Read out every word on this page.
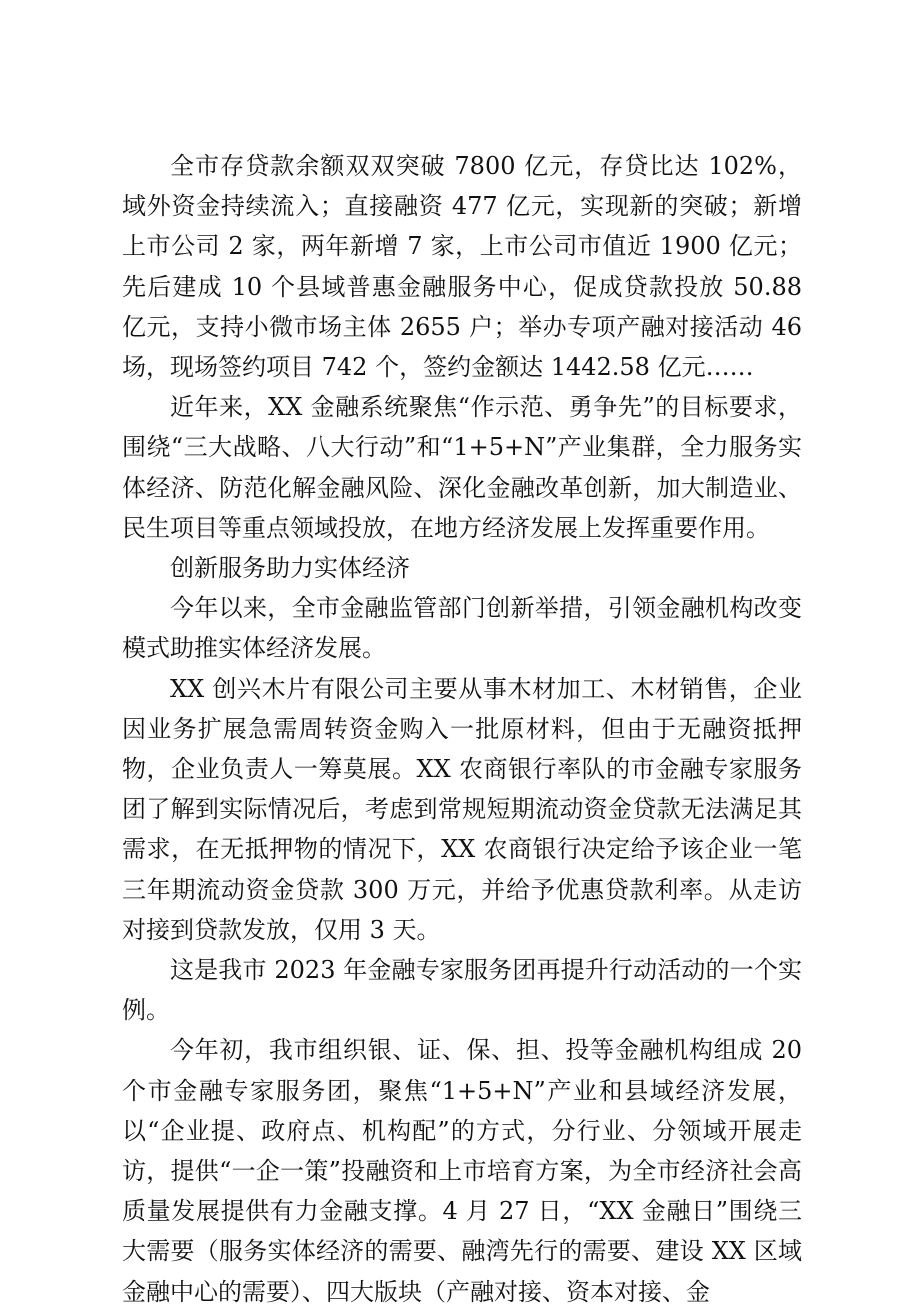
全市存贷款余额双双突破 7800 亿元，存贷比达 102%，域外资金持续流入；直接融资 477 亿元，实现新的突破；新增上市公司 2 家，两年新增 7 家，上市公司市值近 1900 亿元；先后建成 10 个县域普惠金融服务中心，促成贷款投放 50.88 亿元，支持小微市场主体 2655 户；举办专项产融对接活动 46 场，现场签约项目 742 个，签约金额达 1442.58 亿元……

近年来，XX 金融系统聚焦“作示范、勇争先”的目标要求，围绕“三大战略、八大行动”和“1+5+N”产业集群，全力服务实体经济、防范化解金融风险、深化金融改革创新，加大制造业、民生项目等重点领域投放，在地方经济发展上发挥重要作用。

创新服务助力实体经济

今年以来，全市金融监管部门创新举措，引领金融机构改变模式助推实体经济发展。

XX 创兴木片有限公司主要从事木材加工、木材销售，企业因业务扩展急需周转资金购入一批原材料，但由于无融资抵押物，企业负责人一筹莫展。XX 农商银行率队的市金融专家服务团了解到实际情况后，考虑到常规短期流动资金贷款无法满足其需求，在无抵押物的情况下，XX 农商银行决定给予该企业一笔三年期流动资金贷款 300 万元，并给予优惠贷款利率。从走访对接到贷款发放，仅用 3 天。

这是我市 2023 年金融专家服务团再提升行动活动的一个实例。

今年初，我市组织银、证、保、担、投等金融机构组成 20 个市金融专家服务团，聚焦“1+5+N”产业和县域经济发展，以“企业提、政府点、机构配”的方式，分行业、分领域开展走访，提供“一企一策”投融资和上市培育方案，为全市经济社会高质量发展提供有力金融支撑。4 月 27 日，“XX 金融日”围绕三大需要（服务实体经济的需要、融湾先行的需要、建设 XX 区域金融中心的需要）、四大版块（产融对接、资本对接、金
